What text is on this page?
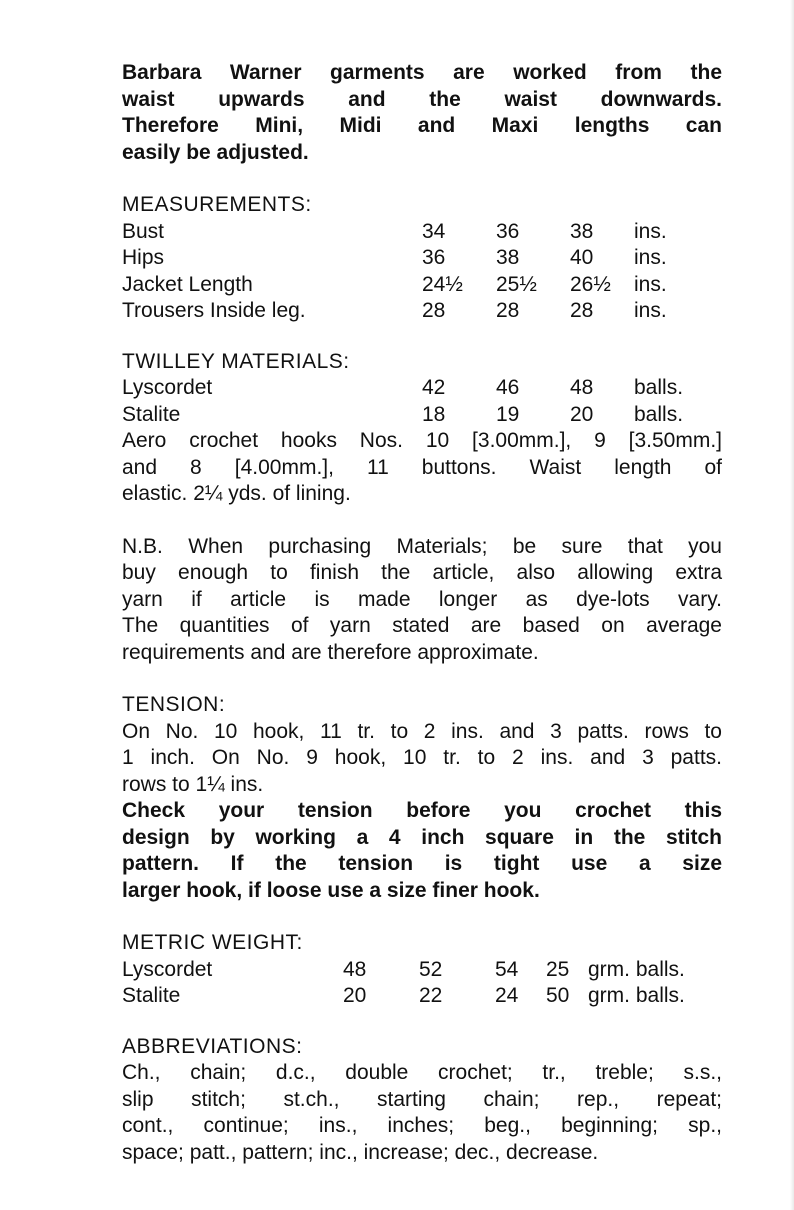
Barbara Warner garments are worked from the

waist upwards and the waist downwards.

Therefore Mini, Midi and Maxi lengths can

easily be adjusted.

MEASUREMENTS:

Bust	34 36 38 ins.
Hips	36 38 40 ins.
Jacket Length	24½ 25½ 26½ ins.
Trousers Inside leg.	28 28 28 ins.

TWILLEY MATERIALS:

Lyscordet	42 46 48 balls.
Stalite	18 19 20 balls.

Aero crochet hooks Nos. 10 [3.00mm.], 9 [3.50mm.]

and 8 [4.00mm.], 11 buttons. Waist length of

elastic. 2¼ yds. of lining.

N.B. When purchasing Materials; be sure that you

buy enough to finish the article, also allowing extra

yarn if article is made longer as dye-lots vary.

The quantities of yarn stated are based on average

requirements and are therefore approximate.

TENSION:

On No. 10 hook, 11 tr. to 2 ins. and 3 patts. rows to

1 inch. On No. 9 hook, 10 tr. to 2 ins. and 3 patts.

rows to 1¼ ins.

Check your tension before you crochet this

design by working a 4 inch square in the stitch

pattern. If the tension is tight use a size

larger hook, if loose use a size finer hook.

METRIC WEIGHT:

Lyscordet	48	52	54 25 grm. balls.
Stalite	20	22	24 50 grm. balls.

ABBREVIATIONS:

Ch., chain; d.c., double crochet; tr., treble; s.s.,

slip stitch; st.ch., starting chain; rep., repeat;

cont., continue; ins., inches; beg., beginning; sp.,

space; patt., pattern; inc., increase; dec., decrease.
